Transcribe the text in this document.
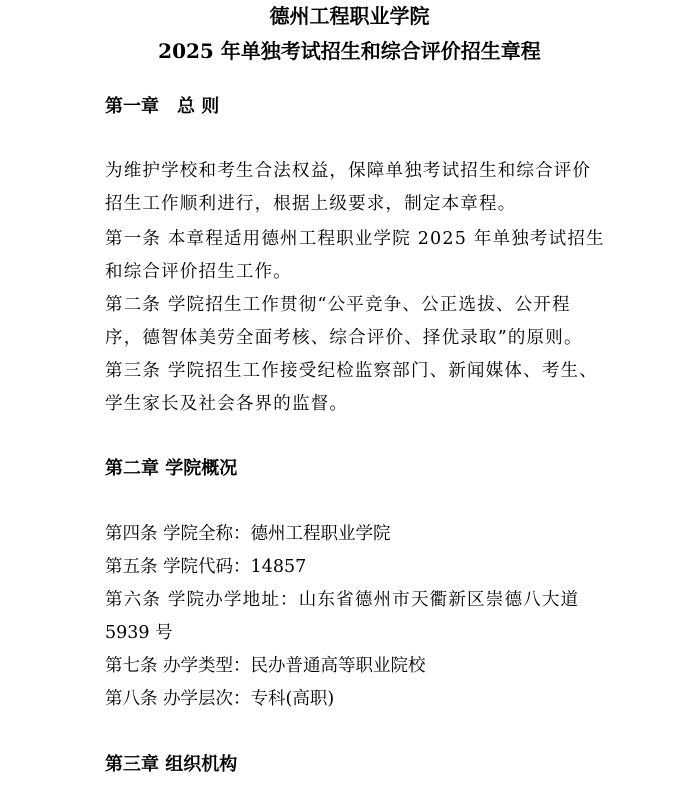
德州工程职业学院
2025 年单独考试招生和综合评价招生章程
第一章　总 则
为维护学校和考生合法权益，保障单独考试招生和综合评价
招生工作顺利进行，根据上级要求，制定本章程。
第一条 本章程适用德州工程职业学院 2025 年单独考试招生
和综合评价招生工作。
第二条 学院招生工作贯彻“公平竞争、公正选拔、公开程
序，德智体美劳全面考核、综合评价、择优录取”的原则。
第三条 学院招生工作接受纪检监察部门、新闻媒体、考生、
学生家长及社会各界的监督。
第二章 学院概况
第四条 学院全称：德州工程职业学院
第五条 学院代码：14857
第六条 学院办学地址：山东省德州市天衢新区崇德八大道
5939 号
第七条 办学类型：民办普通高等职业院校
第八条 办学层次：专科(高职)
第三章 组织机构
